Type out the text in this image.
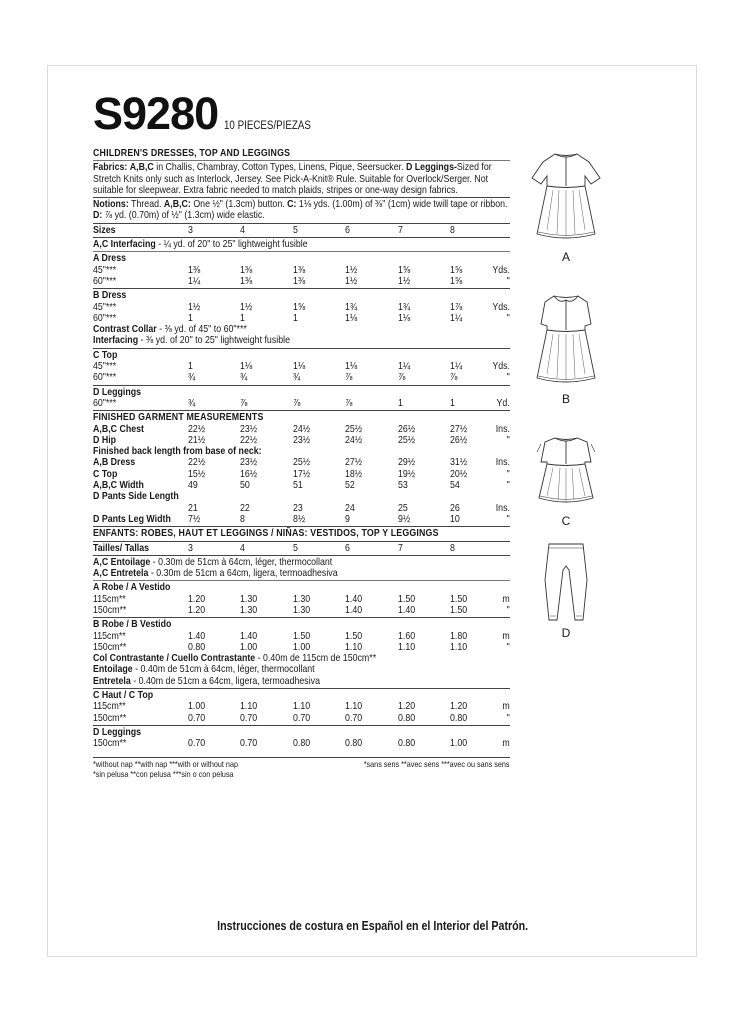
S9280 10 PIECES/PIEZAS
CHILDREN'S DRESSES, TOP AND LEGGINGS
Fabrics: A,B,C in Challis, Chambray, Cotton Types, Linens, Pique, Seersucker. D Leggings-Sized for Stretch Knits only such as Interlock, Jersey. See Pick-A-Knit® Rule. Suitable for Overlock/Serger. Not suitable for sleepwear. Extra fabric needed to match plaids, stripes or one-way design fabrics.
Notions: Thread. A,B,C: One ½" (1.3cm) button. C: 1⅛ yds. (1.00m) of ⅜" (1cm) wide twill tape or ribbon. D: ⅞ yd. (0.70m) of ½" (1.3cm) wide elastic.
Sizes	3	4	5	6	7	8
A,C Interfacing - ¼ yd. of 20" to 25" lightweight fusible
A Dress
45"***	1⅜	1⅜	1⅜	1½	1⅝	1⅝	Yds.
60"***	1¼	1⅜	1⅜	1½	1½	1⅝	"
B Dress
45"***	1½	1½	1⅝	1¾	1¾	1⅞	Yds.
60"***	1	1	1	1⅛	1⅛	1¼	"
Contrast Collar - ⅜ yd. of 45" to 60"***
Interfacing - ⅜ yd. of 20" to 25" lightweight fusible
C Top
45"***	1	1⅛	1⅛	1⅛	1¼	1¼	Yds.
60"***	¾	¾	¾	⅞	⅞	⅞	"
D Leggings
60"***	¾	⅞	⅞	⅞	1	1	Yd.
FINISHED GARMENT MEASUREMENTS
A,B,C Chest	22½	23½	24½	25½	26½	27½	Ins.
D Hip	21½	22½	23½	24½	25½	26½	"
Finished back length from base of neck:
A,B Dress	22½	23½	25½	27½	29½	31½	Ins.
C Top	15½	16½	17½	18½	19½	20½	"
A,B,C Width	49	50	51	52	53	54	"
D Pants Side Length
21	22	23	24	25	26	Ins.
D Pants Leg Width 7½	8	8½	9	9½	10	"
ENFANTS: ROBES, HAUT ET LEGGINGS / NIÑAS: VESTIDOS, TOP Y LEGGINGS
Tailles/ Tallas	3	4	5	6	7	8
A,C Entoilage - 0.30m de 51cm à 64cm, léger, thermocollant
A,C Entretela - 0.30m de 51cm a 64cm, ligera, termoadhesiva
A Robe / A Vestido
115cm**	1.20	1.30	1.30	1.40	1.50	1.50	m
150cm**	1.20	1.30	1.30	1.40	1.40	1.50	"
B Robe / B Vestido
115cm**	1.40	1.40	1.50	1.50	1.60	1.80	m
150cm**	0.80	1.00	1.00	1.10	1.10	1.10	"
Col Contrastante / Cuello Contrastante - 0.40m de 115cm de 150cm**
Entoilage - 0.40m de 51cm à 64cm, léger, thermocollant
Entretela - 0.40m de 51cm a 64cm, ligera, termoadhesiva
C Haut / C Top
115cm**	1.00	1.10	1.10	1.10	1.20	1.20	m
150cm**	0.70	0.70	0.70	0.70	0.80	0.80	"
D Leggings
150cm**	0.70	0.70	0.80	0.80	0.80	1.00	m
*without nap **with nap ***with or without nap	*sans sens **avec sens ***avec ou sans sens
*sin pelusa **con pelusa ***sin o con pelusa
Instrucciones de costura en Español en el Interior del Patrón.
A
B
C
D
